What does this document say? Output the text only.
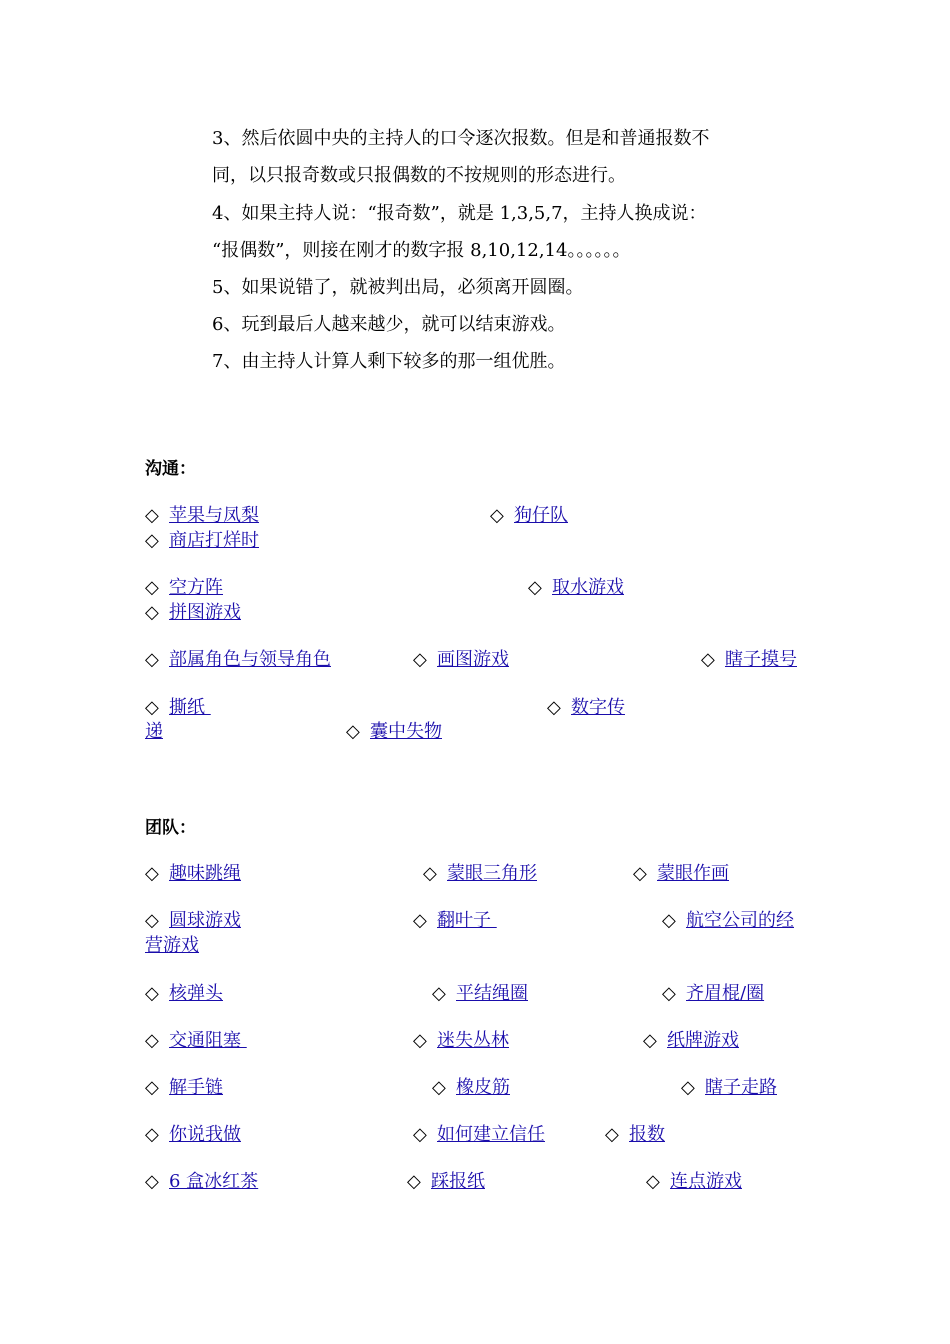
3、然后依圆中央的主持人的口令逐次报数。但是和普通报数不
同，以只报奇数或只报偶数的不按规则的形态进行。
4、如果主持人说：“报奇数”，就是 1,3,5,7，主持人换成说：
“报偶数”，则接在刚才的数字报 8,10,12,14。。。。。。
5、如果说错了，就被判出局，必须离开圆圈。
6、玩到最后人越来越少，就可以结束游戏。
7、由主持人计算人剩下较多的那一组优胜。
沟通：
◇ 苹果与凤梨	◇ 狗仔队
◇ 商店打烊时
◇ 空方阵	◇ 取水游戏
◇ 拼图游戏
◇ 部属角色与领导角色	◇ 画图游戏	◇ 瞎子摸号
◇ 撕纸	◇ 数字传
递	◇ 囊中失物
团队：
◇ 趣味跳绳	◇ 蒙眼三角形	◇ 蒙眼作画
◇ 圆球游戏	◇ 翻叶子	◇ 航空公司的经
营游戏
◇ 核弹头	◇ 平结绳圈	◇ 齐眉棍/圈
◇ 交通阻塞	◇ 迷失丛林	◇ 纸牌游戏
◇ 解手链	◇ 橡皮筋	◇ 瞎子走路
◇ 你说我做	◇ 如何建立信任	◇ 报数
◇ 6 盒冰红茶	◇ 踩报纸	◇ 连点游戏
